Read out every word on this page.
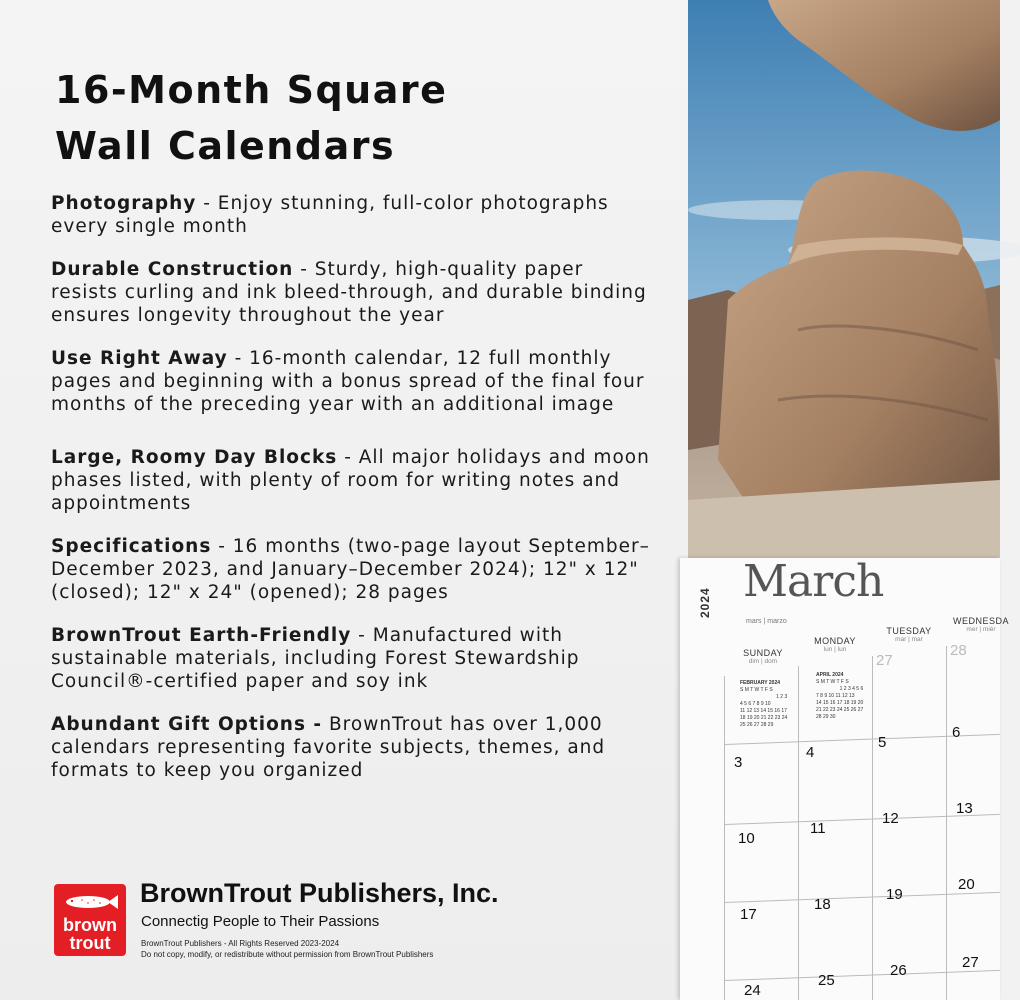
16-Month Square
Wall Calendars

Photography - Enjoy stunning, full-color photographs every single month

Durable Construction - Sturdy, high-quality paper resists curling and ink bleed-through, and durable binding ensures longevity throughout the year

Use Right Away - 16-month calendar, 12 full monthly pages and beginning with a bonus spread of the final four months of the preceding year with an additional image

Large, Roomy Day Blocks - All major holidays and moon phases listed, with plenty of room for writing notes and appointments

Specifications - 16 months (two-page layout September–December 2023, and January–December 2024); 12" x 12" (closed); 12" x 24" (opened); 28 pages

BrownTrout Earth-Friendly - Manufactured with sustainable materials, including Forest Stewardship Council®-certified paper and soy ink

Abundant Gift Options - BrownTrout has over 1,000 calendars representing favorite subjects, themes, and formats to keep you organized

brown
trout

BrownTrout Publishers, Inc.

Connectig People to Their Passions

BrownTrout Publishers - All Rights Reserved 2023-2024

Do not copy, modify, or redistribute without permission from BrownTrout Publishers

2024 March
mars | marzo
SUNDAY
dim | dom
MONDAY
lun | lun
TUESDAY
mar | mar
WEDNESDA
mer | miér
FEBRUARY 2024
S M T W T F S
1 2 3
4 5 6 7 8 9 10
11 12 13 14 15 16 17
18 19 20 21 22 23 24
25 26 27 28 29
APRIL 2024
S M T W T F S
1 2 3 4 5 6
7 8 9 10 11 12 13
14 15 16 17 18 19 20
21 22 23 24 25 26 27
28 29 30
27
28
3
4
5
6
10
11
12
13
17
18
19
20
24
25
26	27
